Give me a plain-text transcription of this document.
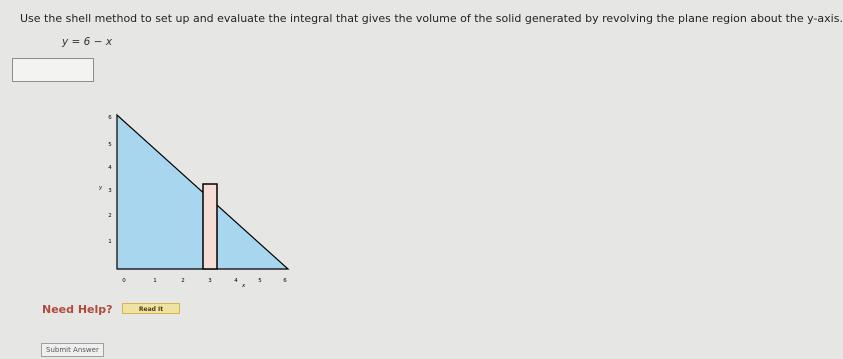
Use the shell method to set up and evaluate the integral that gives the volume of the solid generated by revolving the plane region about the y-axis.
y = 6 − x
0	1	2	3	4	5	6
1
2
3
4
5
6
y
x
Need Help?	Read It
Submit Answer
